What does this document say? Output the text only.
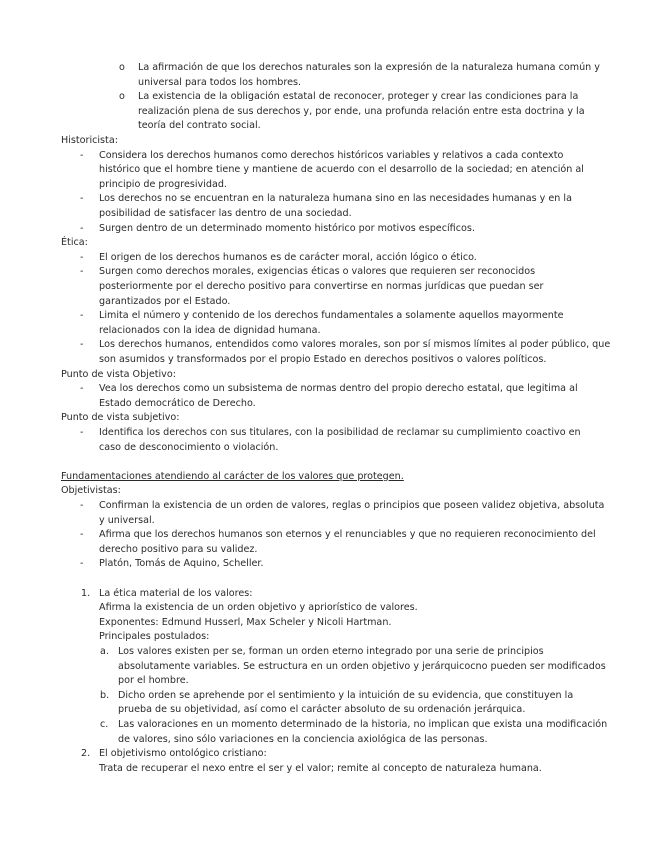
o La afirmación de que los derechos naturales son la expresión de la naturaleza humana común y
universal para todos los hombres.
o La existencia de la obligación estatal de reconocer, proteger y crear las condiciones para la
realización plena de sus derechos y, por ende, una profunda relación entre esta doctrina y la
teoría del contrato social.
Historicista:
- Considera los derechos humanos como derechos históricos variables y relativos a cada contexto
histórico que el hombre tiene y mantiene de acuerdo con el desarrollo de la sociedad; en atención al
principio de progresividad.
- Los derechos no se encuentran en la naturaleza humana sino en las necesidades humanas y en la
posibilidad de satisfacer las dentro de una sociedad.
- Surgen dentro de un determinado momento histórico por motivos específicos.
Ética:
- El origen de los derechos humanos es de carácter moral, acción lógico o ético.
- Surgen como derechos morales, exigencias éticas o valores que requieren ser reconocidos
posteriormente por el derecho positivo para convertirse en normas jurídicas que puedan ser
garantizados por el Estado.
- Limita el número y contenido de los derechos fundamentales a solamente aquellos mayormente
relacionados con la idea de dignidad humana.
- Los derechos humanos, entendidos como valores morales, son por sí mismos límites al poder público, que
son asumidos y transformados por el propio Estado en derechos positivos o valores políticos.
Punto de vista Objetivo:
- Vea los derechos como un subsistema de normas dentro del propio derecho estatal, que legitima al
Estado democrático de Derecho.
Punto de vista subjetivo:
- Identifica los derechos con sus titulares, con la posibilidad de reclamar su cumplimiento coactivo en
caso de desconocimiento o violación.
Fundamentaciones atendiendo al carácter de los valores que protegen.
Objetivistas:
- Confirman la existencia de un orden de valores, reglas o principios que poseen validez objetiva, absoluta
y universal.
- Afirma que los derechos humanos son eternos y el renunciables y que no requieren reconocimiento del
derecho positivo para su validez.
- Platón, Tomás de Aquino, Scheller.
1. La ética material de los valores:
Afirma la existencia de un orden objetivo y apriorístico de valores.
Exponentes: Edmund Husserl, Max Scheler y Nicoli Hartman.
Principales postulados:
a. Los valores existen per se, forman un orden eterno integrado por una serie de principios
absolutamente variables. Se estructura en un orden objetivo y jerárquicocno pueden ser modificados
por el hombre.
b. Dicho orden se aprehende por el sentimiento y la intuición de su evidencia, que constituyen la
prueba de su objetividad, así como el carácter absoluto de su ordenación jerárquica.
c. Las valoraciones en un momento determinado de la historia, no implican que exista una modificación
de valores, sino sólo variaciones en la conciencia axiológica de las personas.
2. El objetivismo ontológico cristiano:
Trata de recuperar el nexo entre el ser y el valor; remite al concepto de naturaleza humana.
